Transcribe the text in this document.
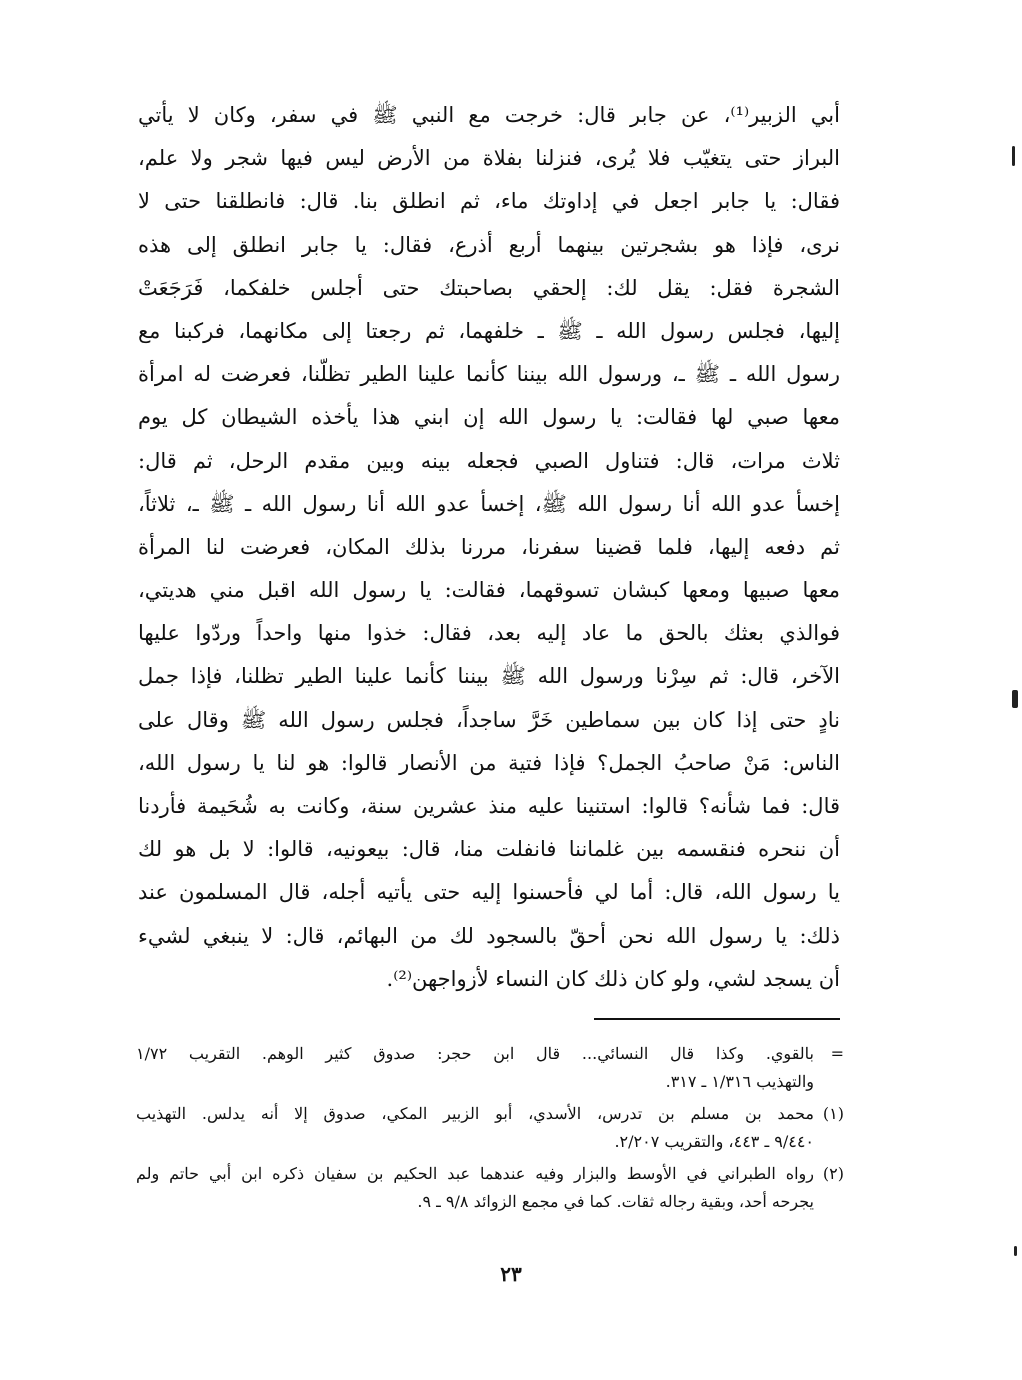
أبي الزبير⁽¹⁾، عن جابر قال: خرجت مع النبي ﷺ في سفر، وكان لا يأتي
البراز حتى يتغيّب فلا يُرى، فنزلنا بفلاة من الأرض ليس فيها شجر ولا علم،
فقال: يا جابر اجعل في إداوتك ماء، ثم انطلق بنا. قال: فانطلقنا حتى لا
نرى، فإذا هو بشجرتين بينهما أربع أذرع، فقال: يا جابر انطلق إلى هذه
الشجرة فقل: يقل لك: إلحقي بصاحبتك حتى أجلس خلفكما، فَرَجَعَتْ
إليها، فجلس رسول الله ـ ﷺ ـ خلفهما، ثم رجعتا إلى مكانهما، فركبنا مع
رسول الله ـ ﷺ ـ، ورسول الله بيننا كأنما علينا الطير تظلّنا، فعرضت له امرأة
معها صبي لها فقالت: يا رسول الله إن ابني هذا يأخذه الشيطان كل يوم
ثلاث مرات، قال: فتناول الصبي فجعله بينه وبين مقدم الرحل، ثم قال:
إخسأ عدو الله أنا رسول الله ﷺ، إخسأ عدو الله أنا رسول الله ـ ﷺ ـ، ثلاثاً،
ثم دفعه إليها، فلما قضينا سفرنا، مررنا بذلك المكان، فعرضت لنا المرأة
معها صبيها ومعها كبشان تسوقهما، فقالت: يا رسول الله اقبل مني هديتي،
فوالذي بعثك بالحق ما عاد إليه بعد، فقال: خذوا منها واحداً وردّوا عليها
الآخر، قال: ثم سِرْنا ورسول الله ﷺ بيننا كأنما علينا الطير تظلنا، فإذا جمل
نادٍ حتى إذا كان بين سماطين خَرَّ ساجداً، فجلس رسول الله ﷺ وقال على
الناس: مَنْ صاحبُ الجمل؟ فإذا فتية من الأنصار قالوا: هو لنا يا رسول الله،
قال: فما شأنه؟ قالوا: استنينا عليه منذ عشرين سنة، وكانت به شُحَيمة فأردنا
أن ننحره فنقسمه بين غلماننا فانفلت منا، قال: بيعونيه، قالوا: لا بل هو لك
يا رسول الله، قال: أما لي فأحسنوا إليه حتى يأتيه أجله، قال المسلمون عند
ذلك: يا رسول الله نحن أحقّ بالسجود لك من البهائم، قال: لا ينبغي لشيء
أن يسجد لشي، ولو كان ذلك كان النساء لأزواجهن⁽²⁾.
=
بالقوي. وكذا قال النسائي... قال ابن حجر: صدوق كثير الوهم. التقريب ١/٧٢
والتهذيب ١/٣١٦ ـ ٣١٧.
(١)
محمد بن مسلم بن تدرس، الأسدي، أبو الزبير المكي، صدوق إلا أنه يدلس. التهذيب
٩/٤٤٠ ـ ٤٤٣، والتقريب ٢/٢٠٧.
(٢)
رواه الطبراني في الأوسط والبزار وفيه عندهما عبد الحكيم بن سفيان ذكره ابن أبي حاتم ولم
يجرحه أحد، وبقية رجاله ثقات. كما في مجمع الزوائد ٩/٨ ـ ٩.
٢٣
